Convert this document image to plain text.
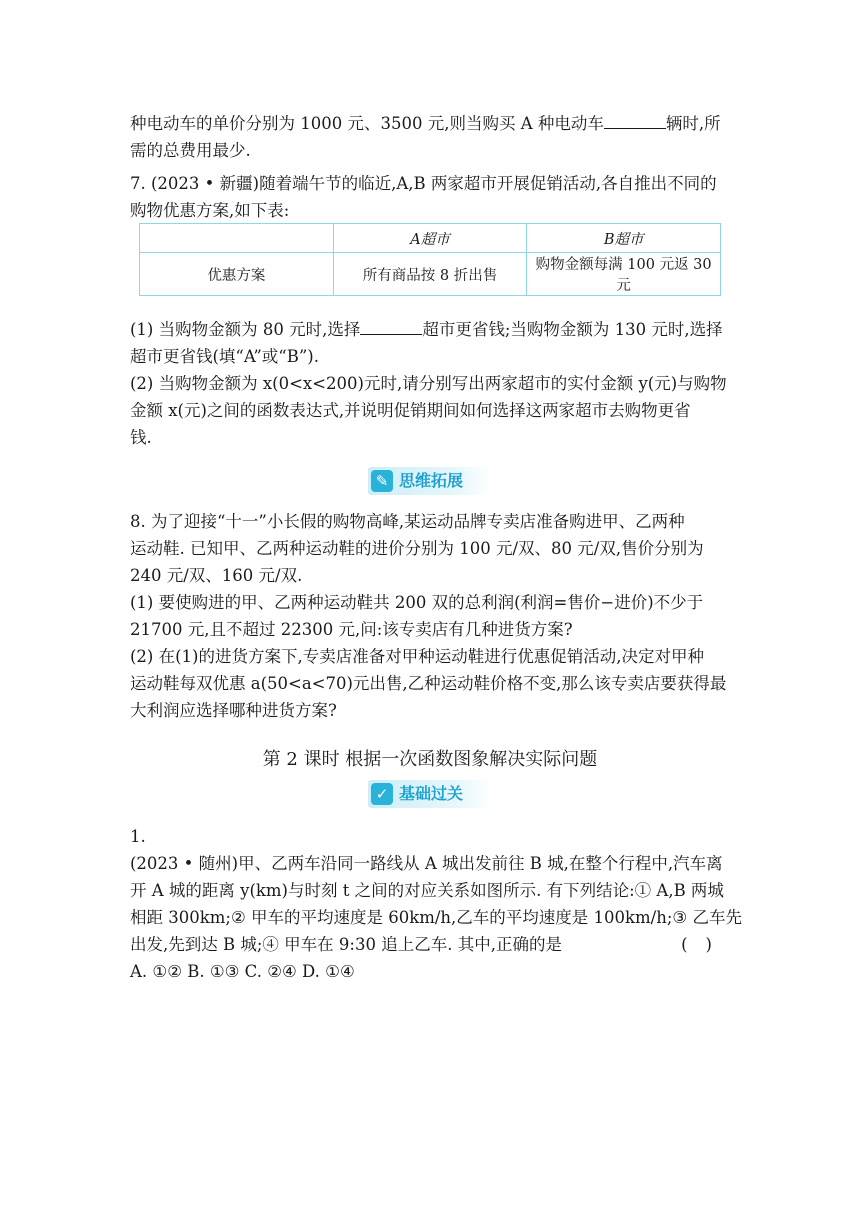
种电动车的单价分别为 1000 元、3500 元,则当购买 A 种电动车	辆时,所
需的总费用最少.
7. (2023 • 新疆)随着端午节的临近,A,B 两家超市开展促销活动,各自推出不同的
购物优惠方案,如下表:
	A超市	B超市
优惠方案	所有商品按 8 折出售	购物金额每满 100 元返 30 元
(1) 当购物金额为 80 元时,选择	超市更省钱;当购物金额为 130 元时,选择
超市更省钱(填“A”或“B”).
(2) 当购物金额为 x(0<x<200)元时,请分别写出两家超市的实付金额 y(元)与购物
金额 x(元)之间的函数表达式,并说明促销期间如何选择这两家超市去购物更省
钱.
✎ 思维拓展
8. 为了迎接“十一”小长假的购物高峰,某运动品牌专卖店准备购进甲、乙两种
运动鞋. 已知甲、乙两种运动鞋的进价分别为 100 元/双、80 元/双,售价分别为
240 元/双、160 元/双.
(1) 要使购进的甲、乙两种运动鞋共 200 双的总利润(利润=售价−进价)不少于
21700 元,且不超过 22300 元,问:该专卖店有几种进货方案?
(2) 在(1)的进货方案下,专卖店准备对甲种运动鞋进行优惠促销活动,决定对甲种
运动鞋每双优惠 a(50<a<70)元出售,乙种运动鞋价格不变,那么该专卖店要获得最
大利润应选择哪种进货方案?
第 2 课时 根据一次函数图象解决实际问题
✓ 基础过关
1.
(2023 • 随州)甲、乙两车沿同一路线从 A 城出发前往 B 城,在整个行程中,汽车离
开 A 城的距离 y(km)与时刻 t 之间的对应关系如图所示. 有下列结论:① A,B 两城
相距 300km;② 甲车的平均速度是 60km/h,乙车的平均速度是 100km/h;③ 乙车先
出发,先到达 B 城;④ 甲车在 9:30 追上乙车. 其中,正确的是	()
A. ①② B. ①③ C. ②④ D. ①④
